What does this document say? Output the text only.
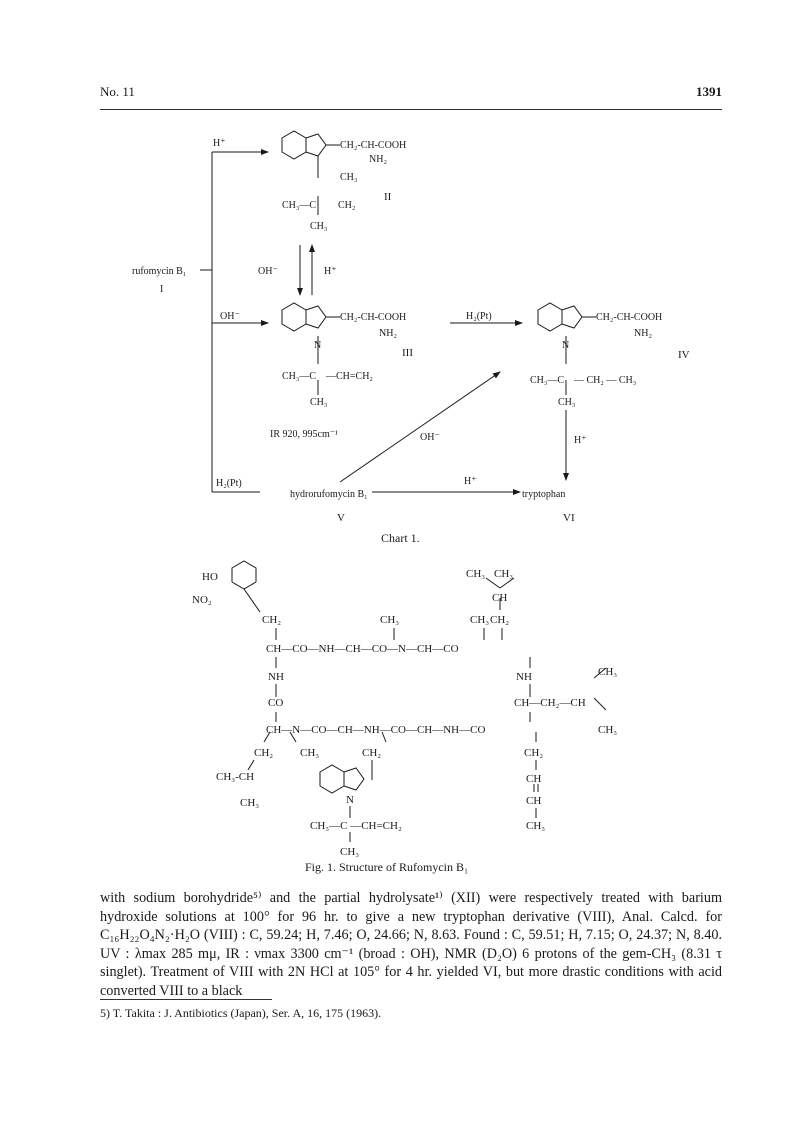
No. 11	1391
H⁺	CH₂-CH-COOH
NH₂
CH₃
CH₃—C CH₂
II
CH₃
OH⁻	H⁺
rufomycin B₁
I
OH⁻	CH₂-CH-COOH
NH₂
N
III
CH₃—C —CH=CH₂
CH₃
H₂(Pt)	CH₂-CH-COOH
NH₂
N
IV
CH₃—C — CH₂ — CH₃
CH₃
IR 920, 995cm⁻¹	OH⁻	H⁺
H⁺
H₂(Pt)
hydrorufomycin B₁	tryptophan
V	VI
HO
NO₂
CH₂	CH₃	CH₃ CH₂
CH₃ CH₃
CH
CH—CO—NH—CH—CO—N—CH—CO
NH	NH	CH₃
CO	CH—CH₂—CH
CH—N—CO—CH—NH—CO—CH—NH—CO	CH₃
CH₂ CH₃	CH₂	CH₂
CH₃-CH	CH
CH₃	N	CH
CH₃
CH₃—C —CH=CH₂
CH₃
Chart 1.
Fig. 1. Structure of Rufomycin B₁

with sodium borohydride⁵⁾ and the partial hydrolysate¹⁾ (XII) were respectively treated with barium hydroxide solutions at 100° for 96 hr. to give a new tryptophan derivative (VIII), Anal. Calcd. for C₁₆H₂₂O₄N₂·H₂O (VIII) : C, 59.24; H, 7.46; O, 24.66; N, 8.63. Found : C, 59.51; H, 7.15; O, 24.37; N, 8.40. UV : λmax 285 mμ, IR : νmax 3300 cm⁻¹ (broad : OH), NMR (D₂O) 6 protons of the gem-CH₃ (8.31 τ singlet). Treatment of VIII with 2N HCl at 105° for 4 hr. yielded VI, but more drastic conditions with acid converted VIII to a black

5) T. Takita : J. Antibiotics (Japan), Ser. A, 16, 175 (1963).
